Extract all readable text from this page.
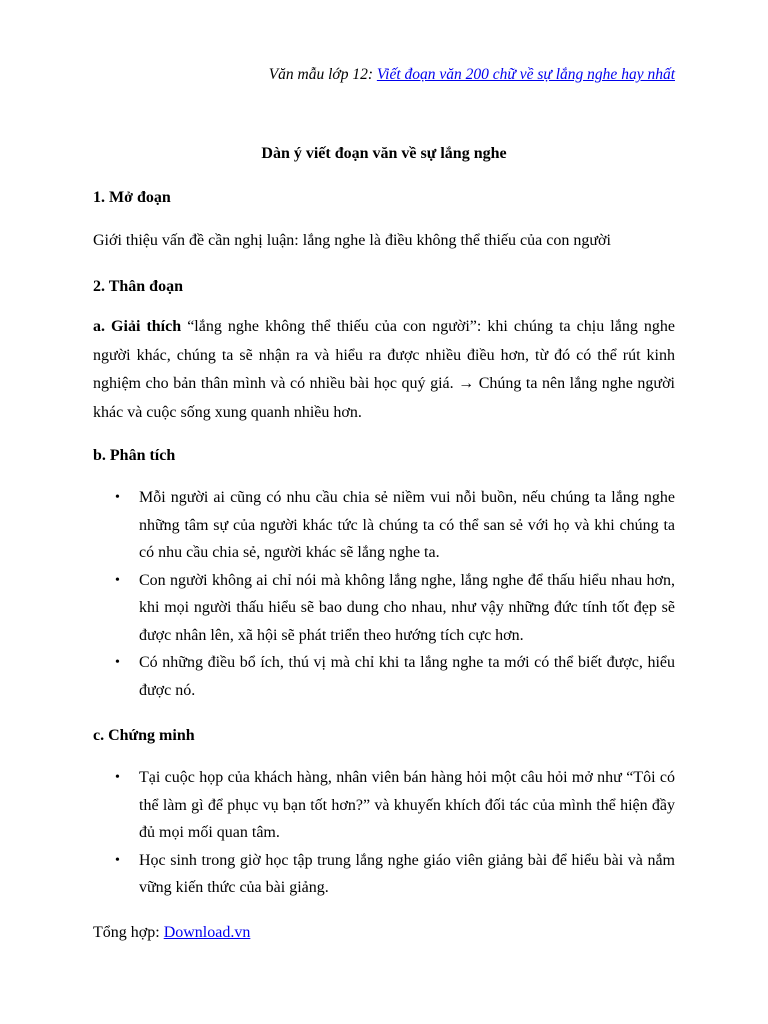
Văn mẫu lớp 12: Viết đoạn văn 200 chữ về sự lắng nghe hay nhất
Dàn ý viết đoạn văn về sự lắng nghe
1. Mở đoạn
Giới thiệu vấn đề cần nghị luận: lắng nghe là điều không thể thiếu của con người
2. Thân đoạn
a. Giải thích “lắng nghe không thể thiếu của con người”: khi chúng ta chịu lắng nghe người khác, chúng ta sẽ nhận ra và hiểu ra được nhiều điều hơn, từ đó có thể rút kinh nghiệm cho bản thân mình và có nhiều bài học quý giá. → Chúng ta nên lắng nghe người khác và cuộc sống xung quanh nhiều hơn.
b. Phân tích
• Mỗi người ai cũng có nhu cầu chia sẻ niềm vui nỗi buồn, nếu chúng ta lắng nghe những tâm sự của người khác tức là chúng ta có thể san sẻ với họ và khi chúng ta có nhu cầu chia sẻ, người khác sẽ lắng nghe ta.
• Con người không ai chỉ nói mà không lắng nghe, lắng nghe để thấu hiểu nhau hơn, khi mọi người thấu hiểu sẽ bao dung cho nhau, như vậy những đức tính tốt đẹp sẽ được nhân lên, xã hội sẽ phát triển theo hướng tích cực hơn.
• Có những điều bổ ích, thú vị mà chỉ khi ta lắng nghe ta mới có thể biết được, hiểu được nó.
c. Chứng minh
• Tại cuộc họp của khách hàng, nhân viên bán hàng hỏi một câu hỏi mở như “Tôi có thể làm gì để phục vụ bạn tốt hơn?” và khuyến khích đối tác của mình thể hiện đầy đủ mọi mối quan tâm.
• Học sinh trong giờ học tập trung lắng nghe giáo viên giảng bài để hiểu bài và nắm vững kiến thức của bài giảng.
Tổng hợp: Download.vn
